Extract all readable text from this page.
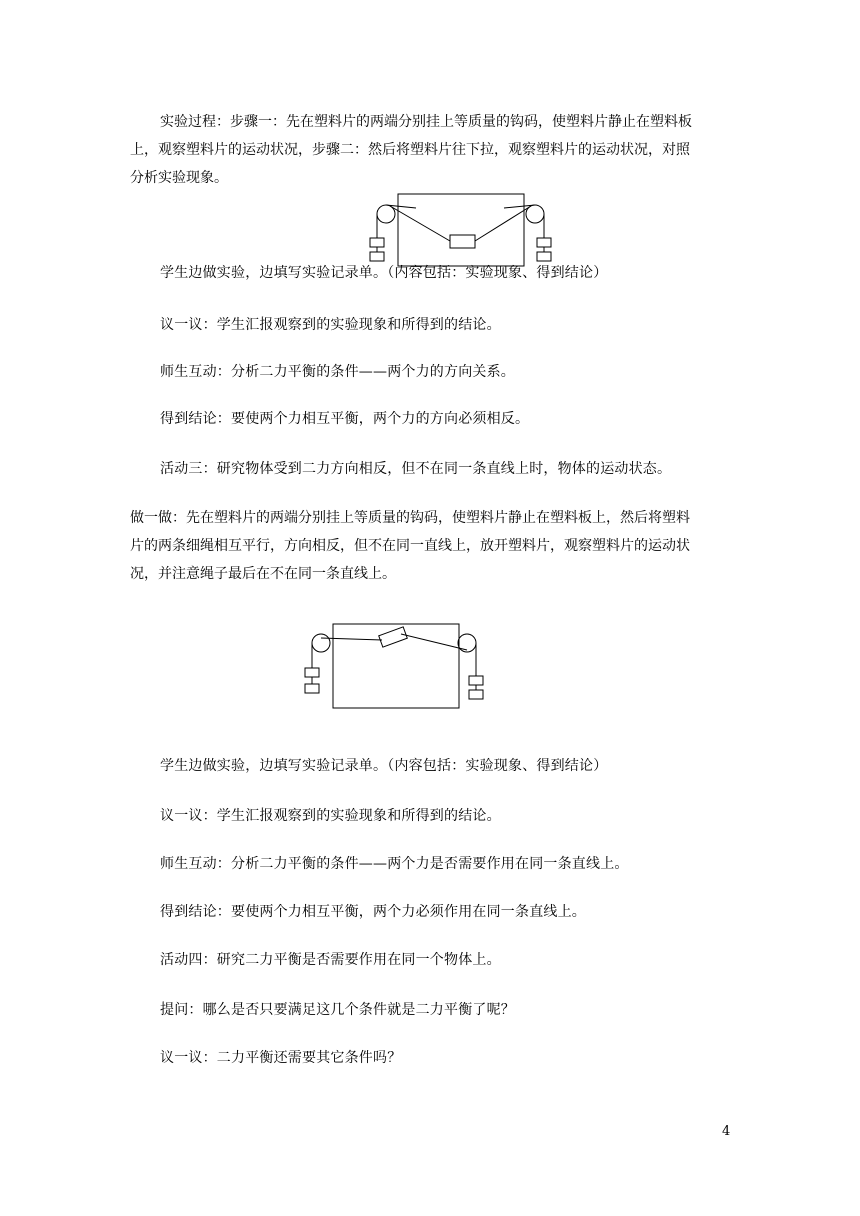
实验过程：步骤一：先在塑料片的两端分别挂上等质量的钩码，使塑料片静止在塑料板
上，观察塑料片的运动状况，步骤二：然后将塑料片往下拉，观察塑料片的运动状况，对照
分析实验现象。
学生边做实验，边填写实验记录单。（内容包括：实验现象、得到结论）
议一议：学生汇报观察到的实验现象和所得到的结论。
师生互动：分析二力平衡的条件——两个力的方向关系。
得到结论：要使两个力相互平衡，两个力的方向必须相反。
活动三：研究物体受到二力方向相反，但不在同一条直线上时，物体的运动状态。
做一做：先在塑料片的两端分别挂上等质量的钩码，使塑料片静止在塑料板上，然后将塑料
片的两条细绳相互平行，方向相反，但不在同一直线上，放开塑料片，观察塑料片的运动状
况，并注意绳子最后在不在同一条直线上。
学生边做实验，边填写实验记录单。（内容包括：实验现象、得到结论）
议一议：学生汇报观察到的实验现象和所得到的结论。
师生互动：分析二力平衡的条件——两个力是否需要作用在同一条直线上。
得到结论：要使两个力相互平衡，两个力必须作用在同一条直线上。
活动四：研究二力平衡是否需要作用在同一个物体上。
提问：哪么是否只要满足这几个条件就是二力平衡了呢？
议一议：二力平衡还需要其它条件吗？
4
